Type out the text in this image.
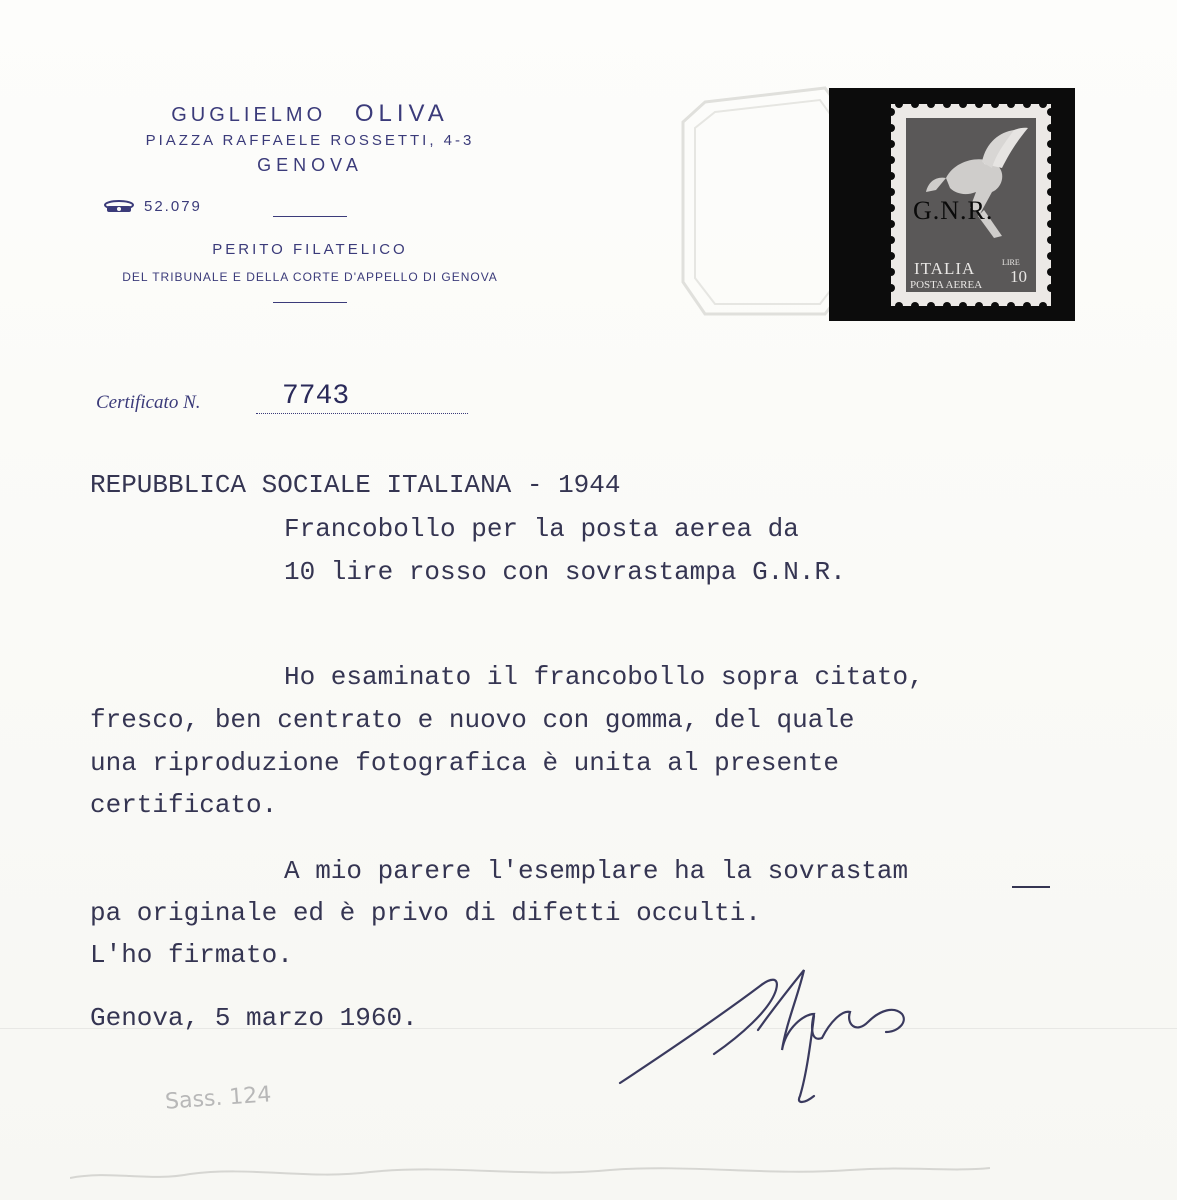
GUGLIELMO OLIVA
PIAZZA RAFFAELE ROSSETTI, 4-3
GENOVA
52.079
PERITO FILATELICO
DEL TRIBUNALE E DELLA CORTE D'APPELLO DI GENOVA	ITALIA
POSTA AEREA
LIRE
10
G.N.R.
Certificato N.	7743
REPUBBLICA SOCIALE ITALIANA - 1944
Francobollo per la posta aerea da
10 lire rosso con sovrastampa G.N.R.
Ho esaminato il francobollo sopra citato,
fresco, ben centrato e nuovo con gomma, del quale
una riproduzione fotografica è unita al presente
certificato.
A mio parere l'esemplare ha la sovrastam
pa originale ed è privo di difetti occulti.
L'ho firmato.
Genova, 5 marzo 1960.
Sass. 124
